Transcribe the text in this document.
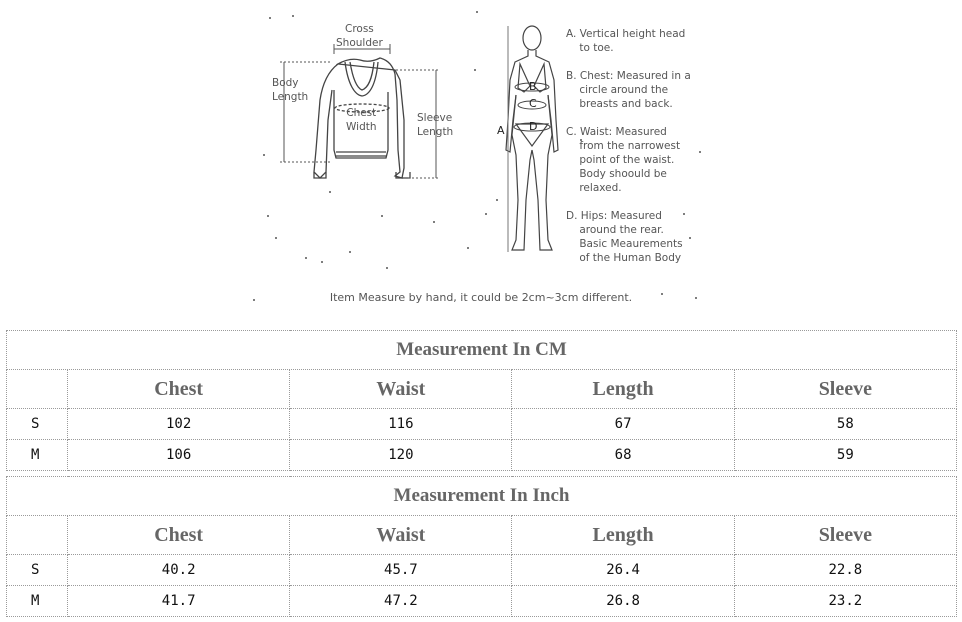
Cross
Shoulder
Body
Length
Chest
Width
Sleeve
Length	A
B
C
D
A. Vertical height head
to toe.
B. Chest: Measured in a
circle around the
breasts and back.
C. Waist: Measured
from the narrowest
point of the waist.
Body shoould be
relaxed.
D. Hips: Measured
around the rear.
Basic Meaurements
of the Human Body
Item Measure by hand, it could be 2cm~3cm different.
Measurement In CM				
	Chest	Waist	Length	Sleeve
S	102	116	67	58
M	106	120	68	59
Measurement In Inch				
	Chest	Waist	Length	Sleeve
S	40.2	45.7	26.4	22.8
M	41.7	47.2	26.8	23.2
